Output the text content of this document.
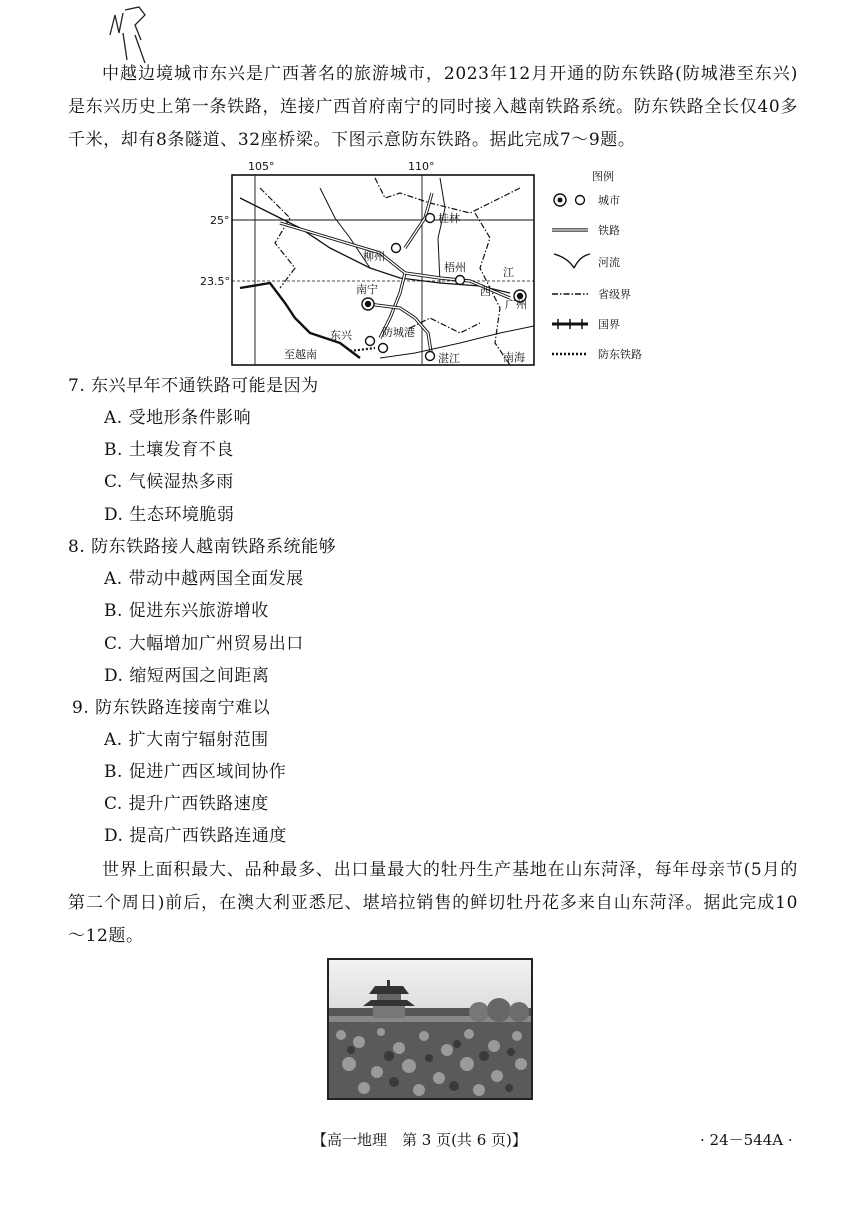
中越边境城市东兴是广西著名的旅游城市，2023年12月开通的防东铁路(防城港至东兴)是东兴历史上第一条铁路，连接广西首府南宁的同时接入越南铁路系统。防东铁路全长仅40多千米，却有8条隧道、32座桥梁。下图示意防东铁路。据此完成7～9题。

105°	110°
25°
23.5°
桂林
柳州
梧州
南宁
广州
东兴	防城港
湛江
江
西
南海
至越南
图例
城市
铁路
河流
省级界
国界
防东铁路

7. 东兴早年不通铁路可能是因为

A. 受地形条件影响

B. 土壤发育不良

C. 气候湿热多雨

D. 生态环境脆弱

8. 防东铁路接人越南铁路系统能够

A. 带动中越两国全面发展

B. 促进东兴旅游增收

C. 大幅增加广州贸易出口

D. 缩短两国之间距离

9. 防东铁路连接南宁难以

A. 扩大南宁辐射范围

B. 促进广西区域间协作

C. 提升广西铁路速度

D. 提高广西铁路连通度

世界上面积最大、品种最多、出口量最大的牡丹生产基地在山东菏泽，每年母亲节(5月的第二个周日)前后，在澳大利亚悉尼、堪培拉销售的鲜切牡丹花多来自山东菏泽。据此完成10～12题。

【高一地理　第 3 页(共 6 页)】	· 24－544A ·
